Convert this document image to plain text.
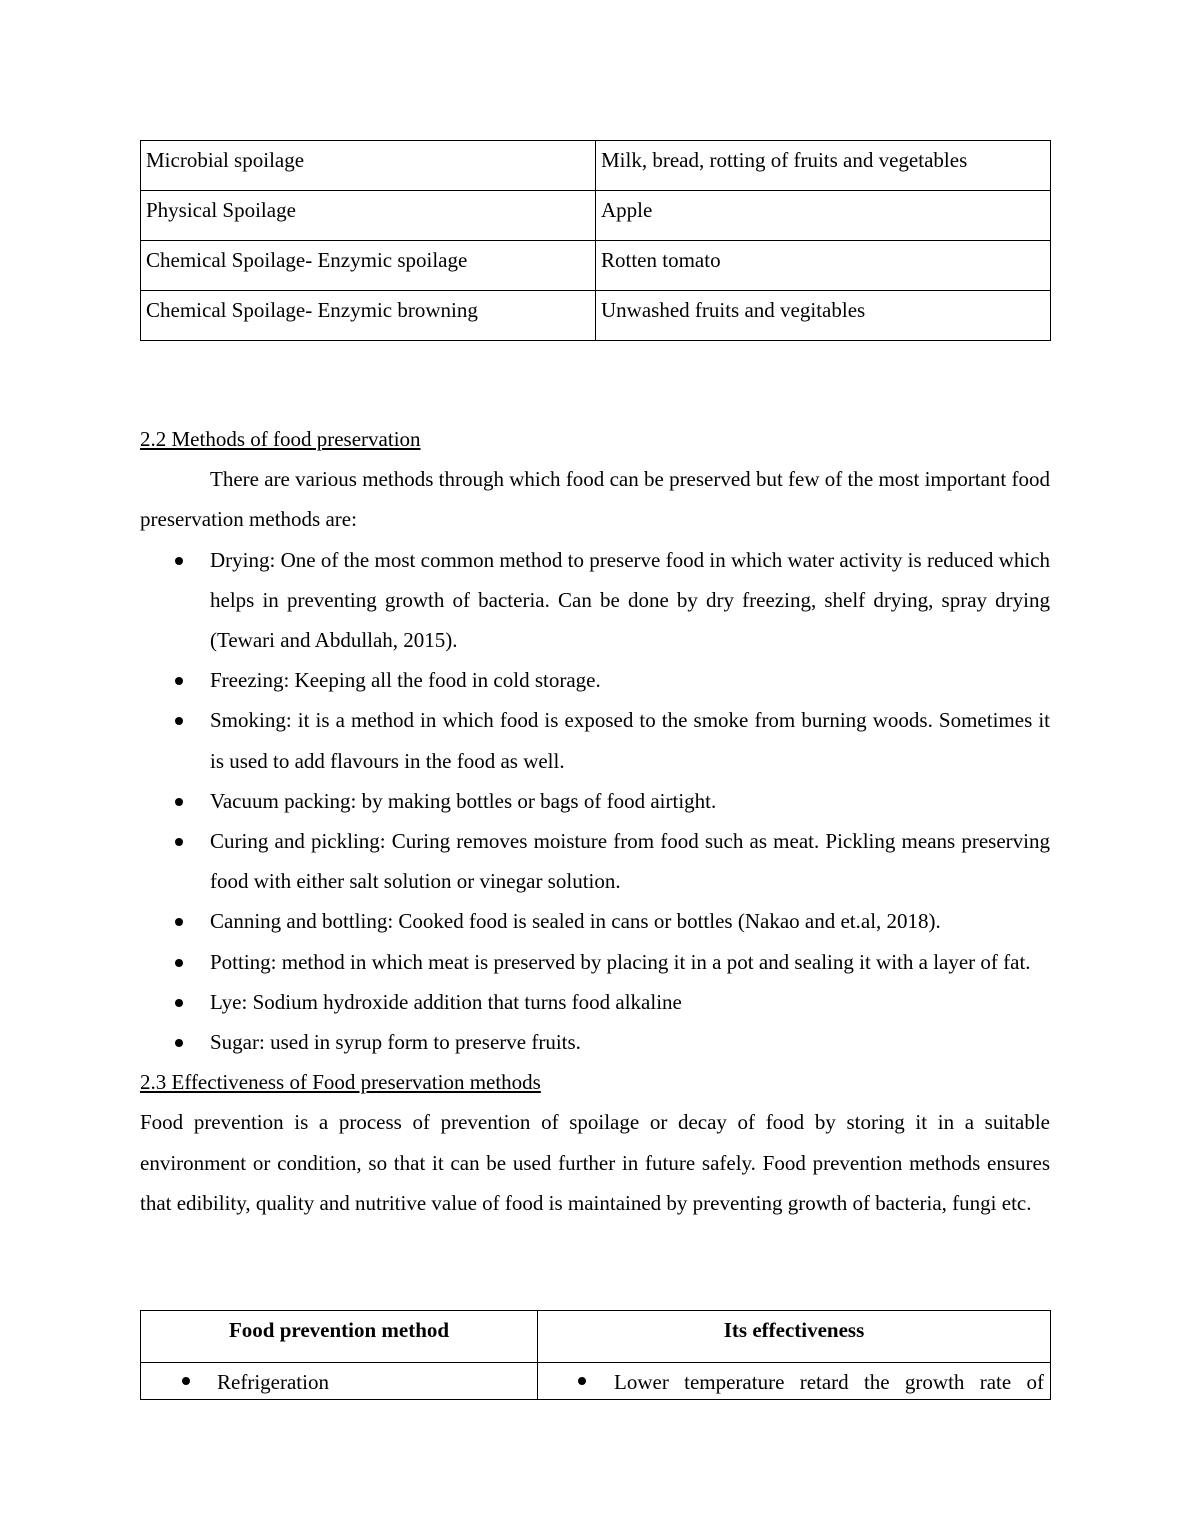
Microbial spoilage	Milk, bread, rotting of fruits and vegetables
Physical Spoilage	Apple
Chemical Spoilage- Enzymic spoilage	Rotten tomato
Chemical Spoilage- Enzymic browning	Unwashed fruits and vegitables
2.2 Methods of food preservation

There are various methods through which food can be preserved but few of the most important food preservation methods are:

Drying: One of the most common method to preserve food in which water activity is reduced which helps in preventing growth of bacteria. Can be done by dry freezing, shelf drying, spray drying (Tewari and Abdullah, 2015).
Freezing: Keeping all the food in cold storage.
Smoking: it is a method in which food is exposed to the smoke from burning woods. Sometimes it is used to add flavours in the food as well.
Vacuum packing: by making bottles or bags of food airtight.
Curing and pickling: Curing removes moisture from food such as meat. Pickling means preserving food with either salt solution or vinegar solution.
Canning and bottling: Cooked food is sealed in cans or bottles (Nakao and et.al, 2018).
Potting: method in which meat is preserved by placing it in a pot and sealing it with a layer of fat.
Lye: Sodium hydroxide addition that turns food alkaline
Sugar: used in syrup form to preserve fruits.
2.3 Effectiveness of Food preservation methods

Food prevention is a process of prevention of spoilage or decay of food by storing it in a suitable environment or condition, so that it can be used further in future safely. Food prevention methods ensures that edibility, quality and nutritive value of food is maintained by preventing growth of bacteria, fungi etc.

Food prevention method	Its effectiveness

Refrigeration	Lower temperature retard the growth rate of
